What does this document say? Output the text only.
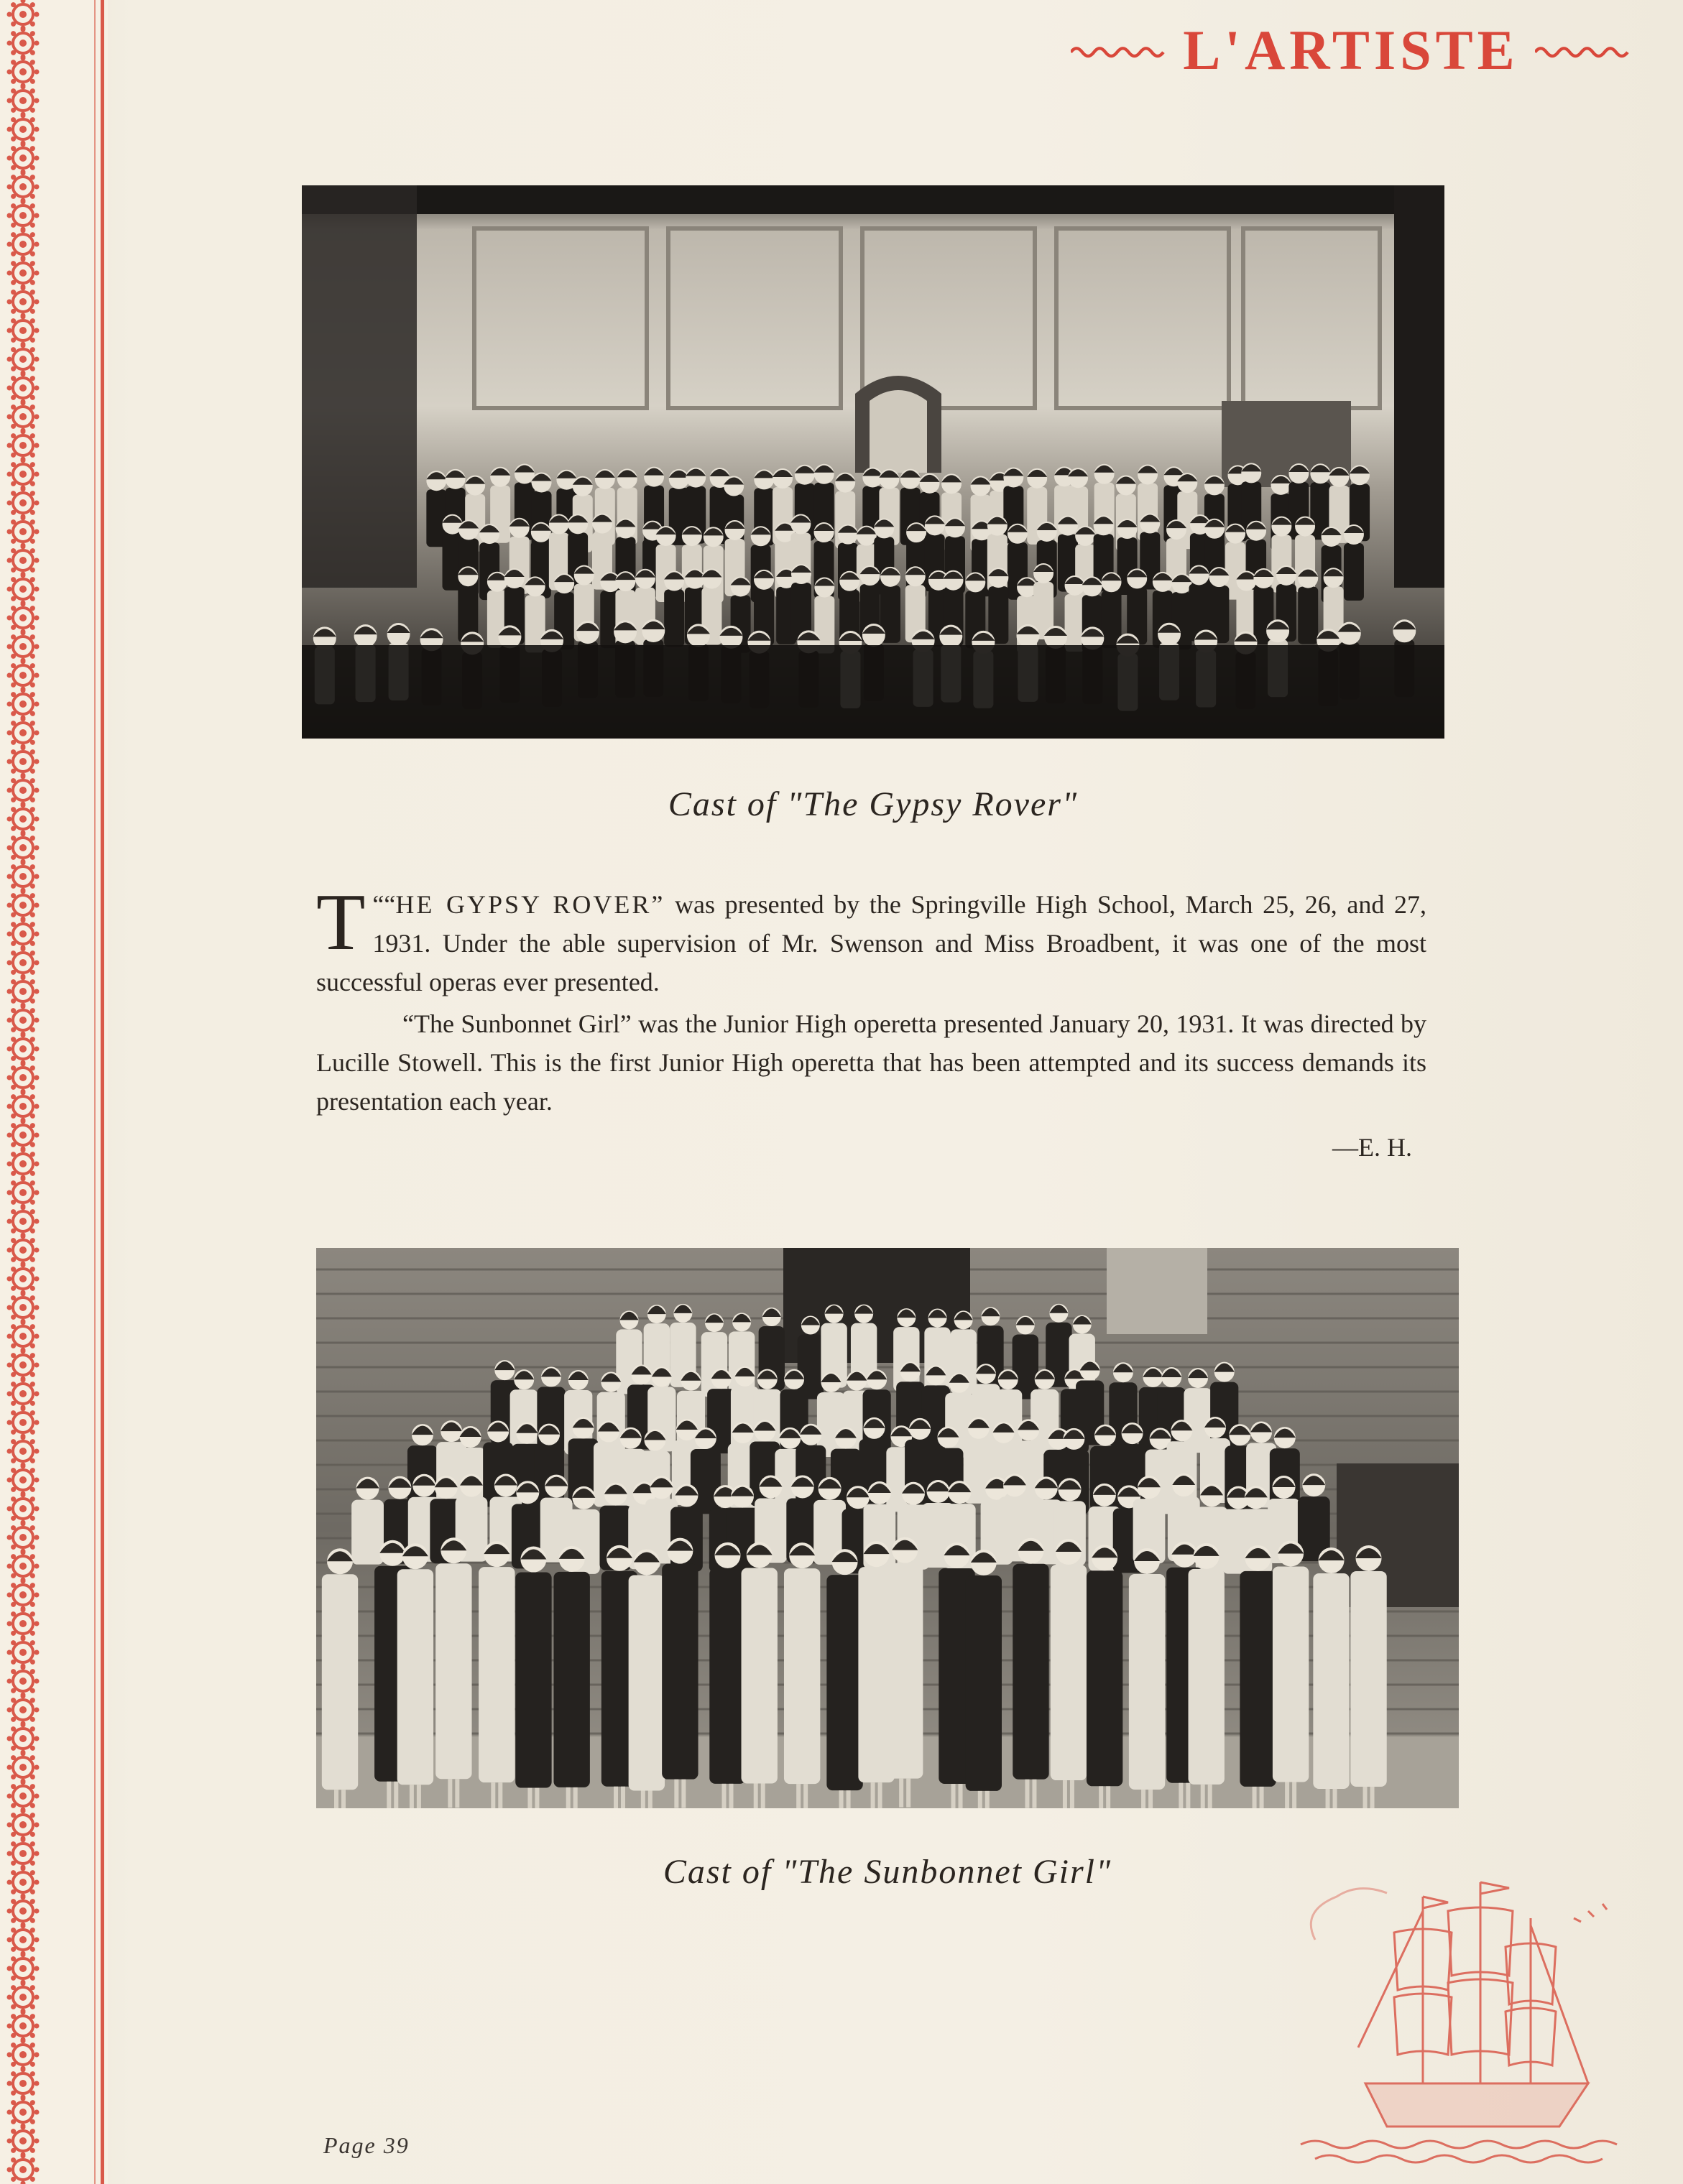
L'ARTISTE
Cast of "The Gypsy Rover"

““
T HE GYPSY ROVER” was presented by the Springville High School, March 25, 26, and 27, 1931. Under the able supervision of Mr. Swenson and Miss Broadbent, it was one of the most successful operas ever presented.

“The Sunbonnet Girl” was the Junior High operetta presented January 20, 1931. It was directed by Lucille Stowell. This is the first Junior High operetta that has been attempted and its success demands its presentation each year.

—E. H.

Cast of "The Sunbonnet Girl"
Page 39
